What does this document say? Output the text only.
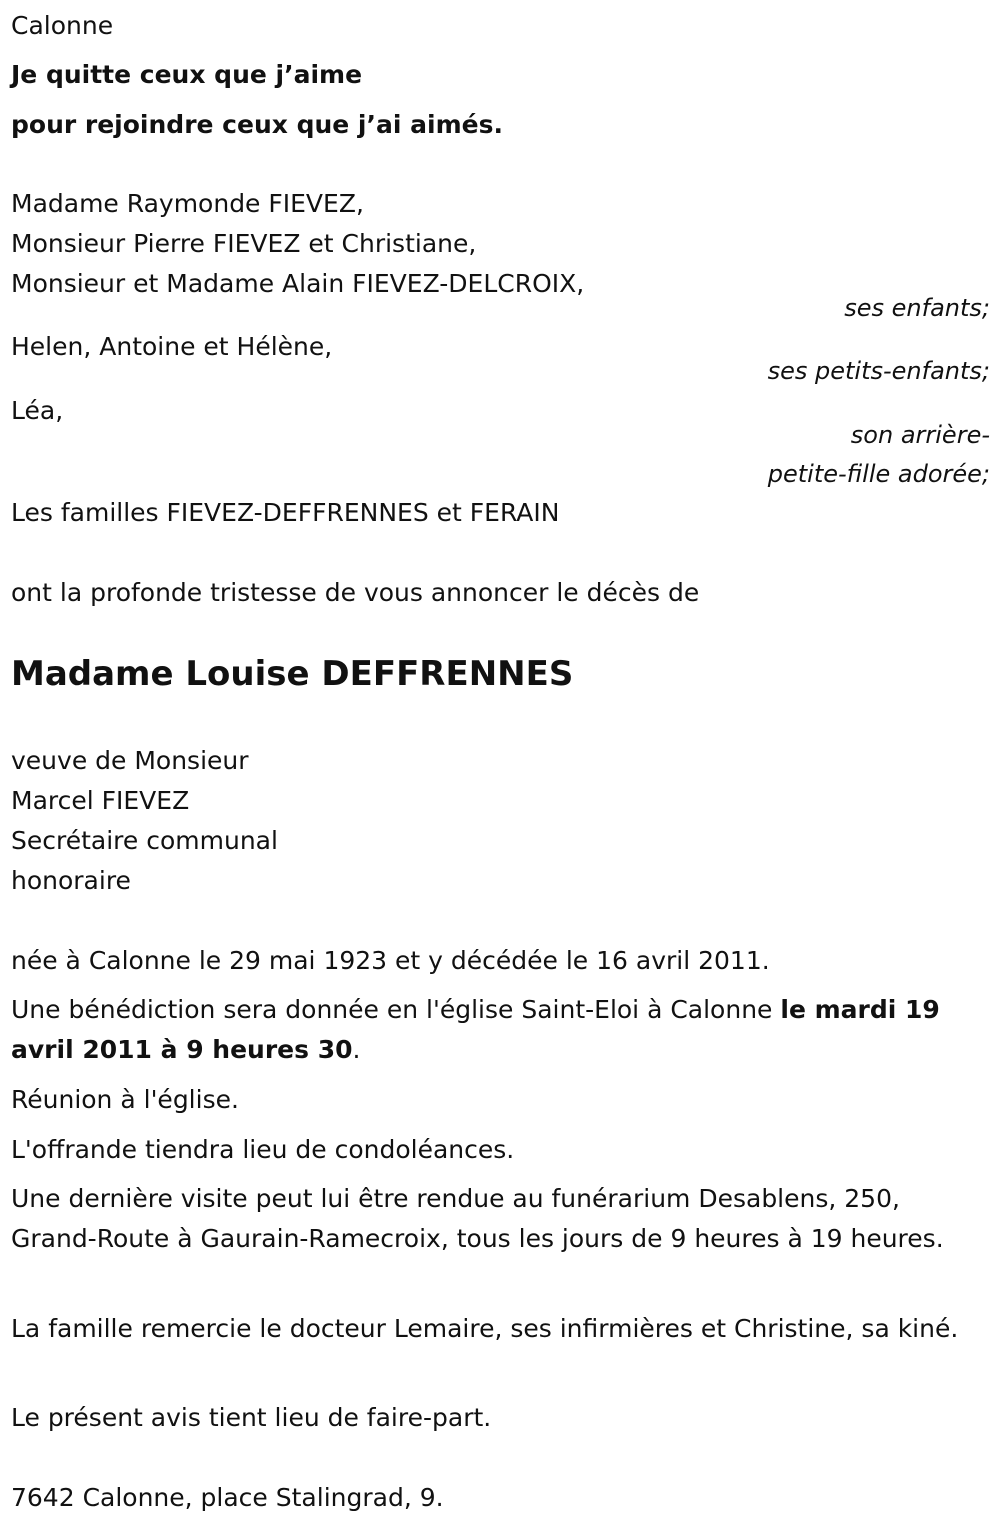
Calonne
Je quitte ceux que j’aime
pour rejoindre ceux que j’ai aimés.
Madame Raymonde FIEVEZ,
Monsieur Pierre FIEVEZ et Christiane,
Monsieur et Madame Alain FIEVEZ-DELCROIX,
ses enfants;
Helen, Antoine et Hélène,
ses petits-enfants;
Léa,
son arrière-
petite-fille adorée;
Les familles FIEVEZ-DEFFRENNES et FERAIN
ont la profonde tristesse de vous annoncer le décès de
Madame Louise DEFFRENNES
veuve de Monsieur
Marcel FIEVEZ
Secrétaire communal
honoraire
née à Calonne le 29 mai 1923 et y décédée le 16 avril 2011.
Une bénédiction sera donnée en l'église Saint-Eloi à Calonne le mardi 19 avril 2011 à 9 heures 30.
Réunion à l'église.
L'offrande tiendra lieu de condoléances.
Une dernière visite peut lui être rendue au funérarium Desablens, 250, Grand-Route à Gaurain-Ramecroix, tous les jours de 9 heures à 19 heures.
La famille remercie le docteur Lemaire, ses infirmières et Christine, sa kiné.
Le présent avis tient lieu de faire-part.
7642 Calonne, place Stalingrad, 9.
